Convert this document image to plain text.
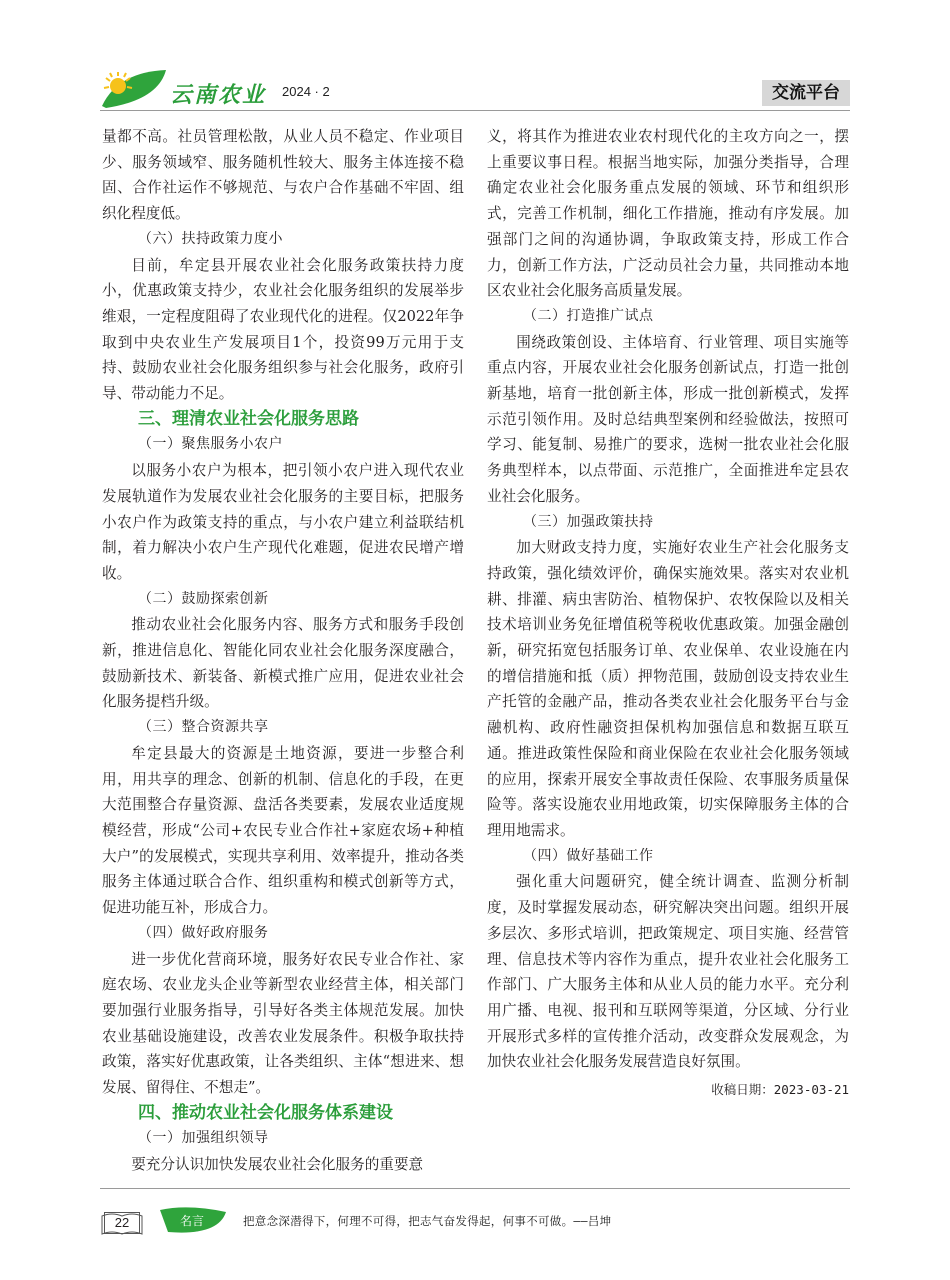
云南农业 2024 · 2	交流平台

量都不高。社员管理松散，从业人员不稳定、作业项目少、服务领域窄、服务随机性较大、服务主体连接不稳固、合作社运作不够规范、与农户合作基础不牢固、组织化程度低。

（六）扶持政策力度小

目前，牟定县开展农业社会化服务政策扶持力度小，优惠政策支持少，农业社会化服务组织的发展举步维艰，一定程度阻碍了农业现代化的进程。仅2022年争取到中央农业生产发展项目1个，投资99万元用于支持、鼓励农业社会化服务组织参与社会化服务，政府引导、带动能力不足。

三、理清农业社会化服务思路

（一）聚焦服务小农户

以服务小农户为根本，把引领小农户进入现代农业发展轨道作为发展农业社会化服务的主要目标，把服务小农户作为政策支持的重点，与小农户建立利益联结机制，着力解决小农户生产现代化难题，促进农民增产增收。

（二）鼓励探索创新

推动农业社会化服务内容、服务方式和服务手段创新，推进信息化、智能化同农业社会化服务深度融合，鼓励新技术、新装备、新模式推广应用，促进农业社会化服务提档升级。

（三）整合资源共享

牟定县最大的资源是土地资源，要进一步整合利用，用共享的理念、创新的机制、信息化的手段，在更大范围整合存量资源、盘活各类要素，发展农业适度规模经营，形成“公司+农民专业合作社+家庭农场+种植大户”的发展模式，实现共享利用、效率提升，推动各类服务主体通过联合合作、组织重构和模式创新等方式，促进功能互补，形成合力。

（四）做好政府服务

进一步优化营商环境，服务好农民专业合作社、家庭农场、农业龙头企业等新型农业经营主体，相关部门要加强行业服务指导，引导好各类主体规范发展。加快农业基础设施建设，改善农业发展条件。积极争取扶持政策，落实好优惠政策，让各类组织、主体“想进来、想发展、留得住、不想走”。

四、推动农业社会化服务体系建设

（一）加强组织领导

要充分认识加快发展农业社会化服务的重要意

义，将其作为推进农业农村现代化的主攻方向之一，摆上重要议事日程。根据当地实际，加强分类指导，合理确定农业社会化服务重点发展的领域、环节和组织形式，完善工作机制，细化工作措施，推动有序发展。加强部门之间的沟通协调，争取政策支持，形成工作合力，创新工作方法，广泛动员社会力量，共同推动本地区农业社会化服务高质量发展。

（二）打造推广试点

围绕政策创设、主体培育、行业管理、项目实施等重点内容，开展农业社会化服务创新试点，打造一批创新基地，培育一批创新主体，形成一批创新模式，发挥示范引领作用。及时总结典型案例和经验做法，按照可学习、能复制、易推广的要求，选树一批农业社会化服务典型样本，以点带面、示范推广，全面推进牟定县农业社会化服务。

（三）加强政策扶持

加大财政支持力度，实施好农业生产社会化服务支持政策，强化绩效评价，确保实施效果。落实对农业机耕、排灌、病虫害防治、植物保护、农牧保险以及相关技术培训业务免征增值税等税收优惠政策。加强金融创新，研究拓宽包括服务订单、农业保单、农业设施在内的增信措施和抵（质）押物范围，鼓励创设支持农业生产托管的金融产品，推动各类农业社会化服务平台与金融机构、政府性融资担保机构加强信息和数据互联互通。推进政策性保险和商业保险在农业社会化服务领域的应用，探索开展安全事故责任保险、农事服务质量保险等。落实设施农业用地政策，切实保障服务主体的合理用地需求。

（四）做好基础工作

强化重大问题研究，健全统计调查、监测分析制度，及时掌握发展动态，研究解决突出问题。组织开展多层次、多形式培训，把政策规定、项目实施、经营管理、信息技术等内容作为重点，提升农业社会化服务工作部门、广大服务主体和从业人员的能力水平。充分利用广播、电视、报刊和互联网等渠道，分区域、分行业开展形式多样的宣传推介活动，改变群众发展观念，为加快农业社会化服务发展营造良好氛围。

收稿日期：2023-03-21
22	名言	把意念深潜得下，何理不可得，把志气奋发得起，何事不可做。——吕坤
